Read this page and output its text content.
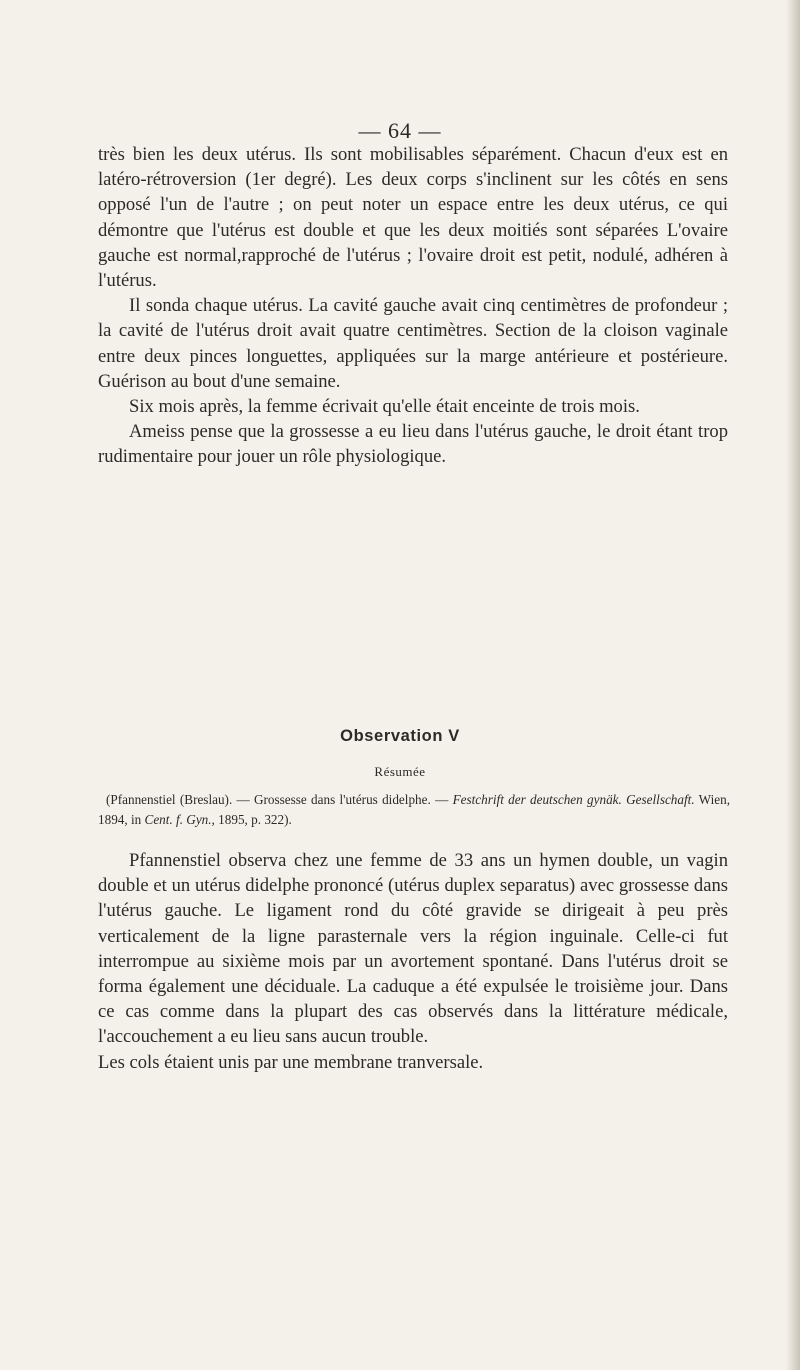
— 64 —

très bien les deux utérus. Ils sont mobilisables séparément. Chacun d'eux est en latéro-rétroversion (1er degré). Les deux corps s'inclinent sur les côtés en sens opposé l'un de l'autre ; on peut noter un espace entre les deux utérus, ce qui démontre que l'utérus est double et que les deux moitiés sont séparées L'ovaire gauche est normal,rapproché de l'utérus ; l'ovaire droit est petit, nodulé, adhéren à l'utérus.

Il sonda chaque utérus. La cavité gauche avait cinq centimètres de profondeur ; la cavité de l'utérus droit avait quatre centimètres. Section de la cloison vaginale entre deux pinces longuettes, appliquées sur la marge antérieure et postérieure. Guérison au bout d'une semaine.

Six mois après, la femme écrivait qu'elle était enceinte de trois mois.

Ameiss pense que la grossesse a eu lieu dans l'utérus gauche, le droit étant trop rudimentaire pour jouer un rôle physiologique.

Observation V
Résumée

(Pfannenstiel (Breslau). — Grossesse dans l'utérus didelphe. — Festchrift der deutschen gynäk. Gesellschaft. Wien, 1894, in Cent. f. Gyn., 1895, p. 322).

Pfannenstiel observa chez une femme de 33 ans un hymen double, un vagin double et un utérus didelphe prononcé (utérus duplex separatus) avec grossesse dans l'utérus gauche. Le ligament rond du côté gravide se dirigeait à peu près verticalement de la ligne parasternale vers la région inguinale. Celle-ci fut interrompue au sixième mois par un avortement spontané. Dans l'utérus droit se forma également une déciduale. La caduque a été expulsée le troisième jour. Dans ce cas comme dans la plupart des cas observés dans la littérature médicale, l'accouchement a eu lieu sans aucun trouble.

Les cols étaient unis par une membrane tranversale.
